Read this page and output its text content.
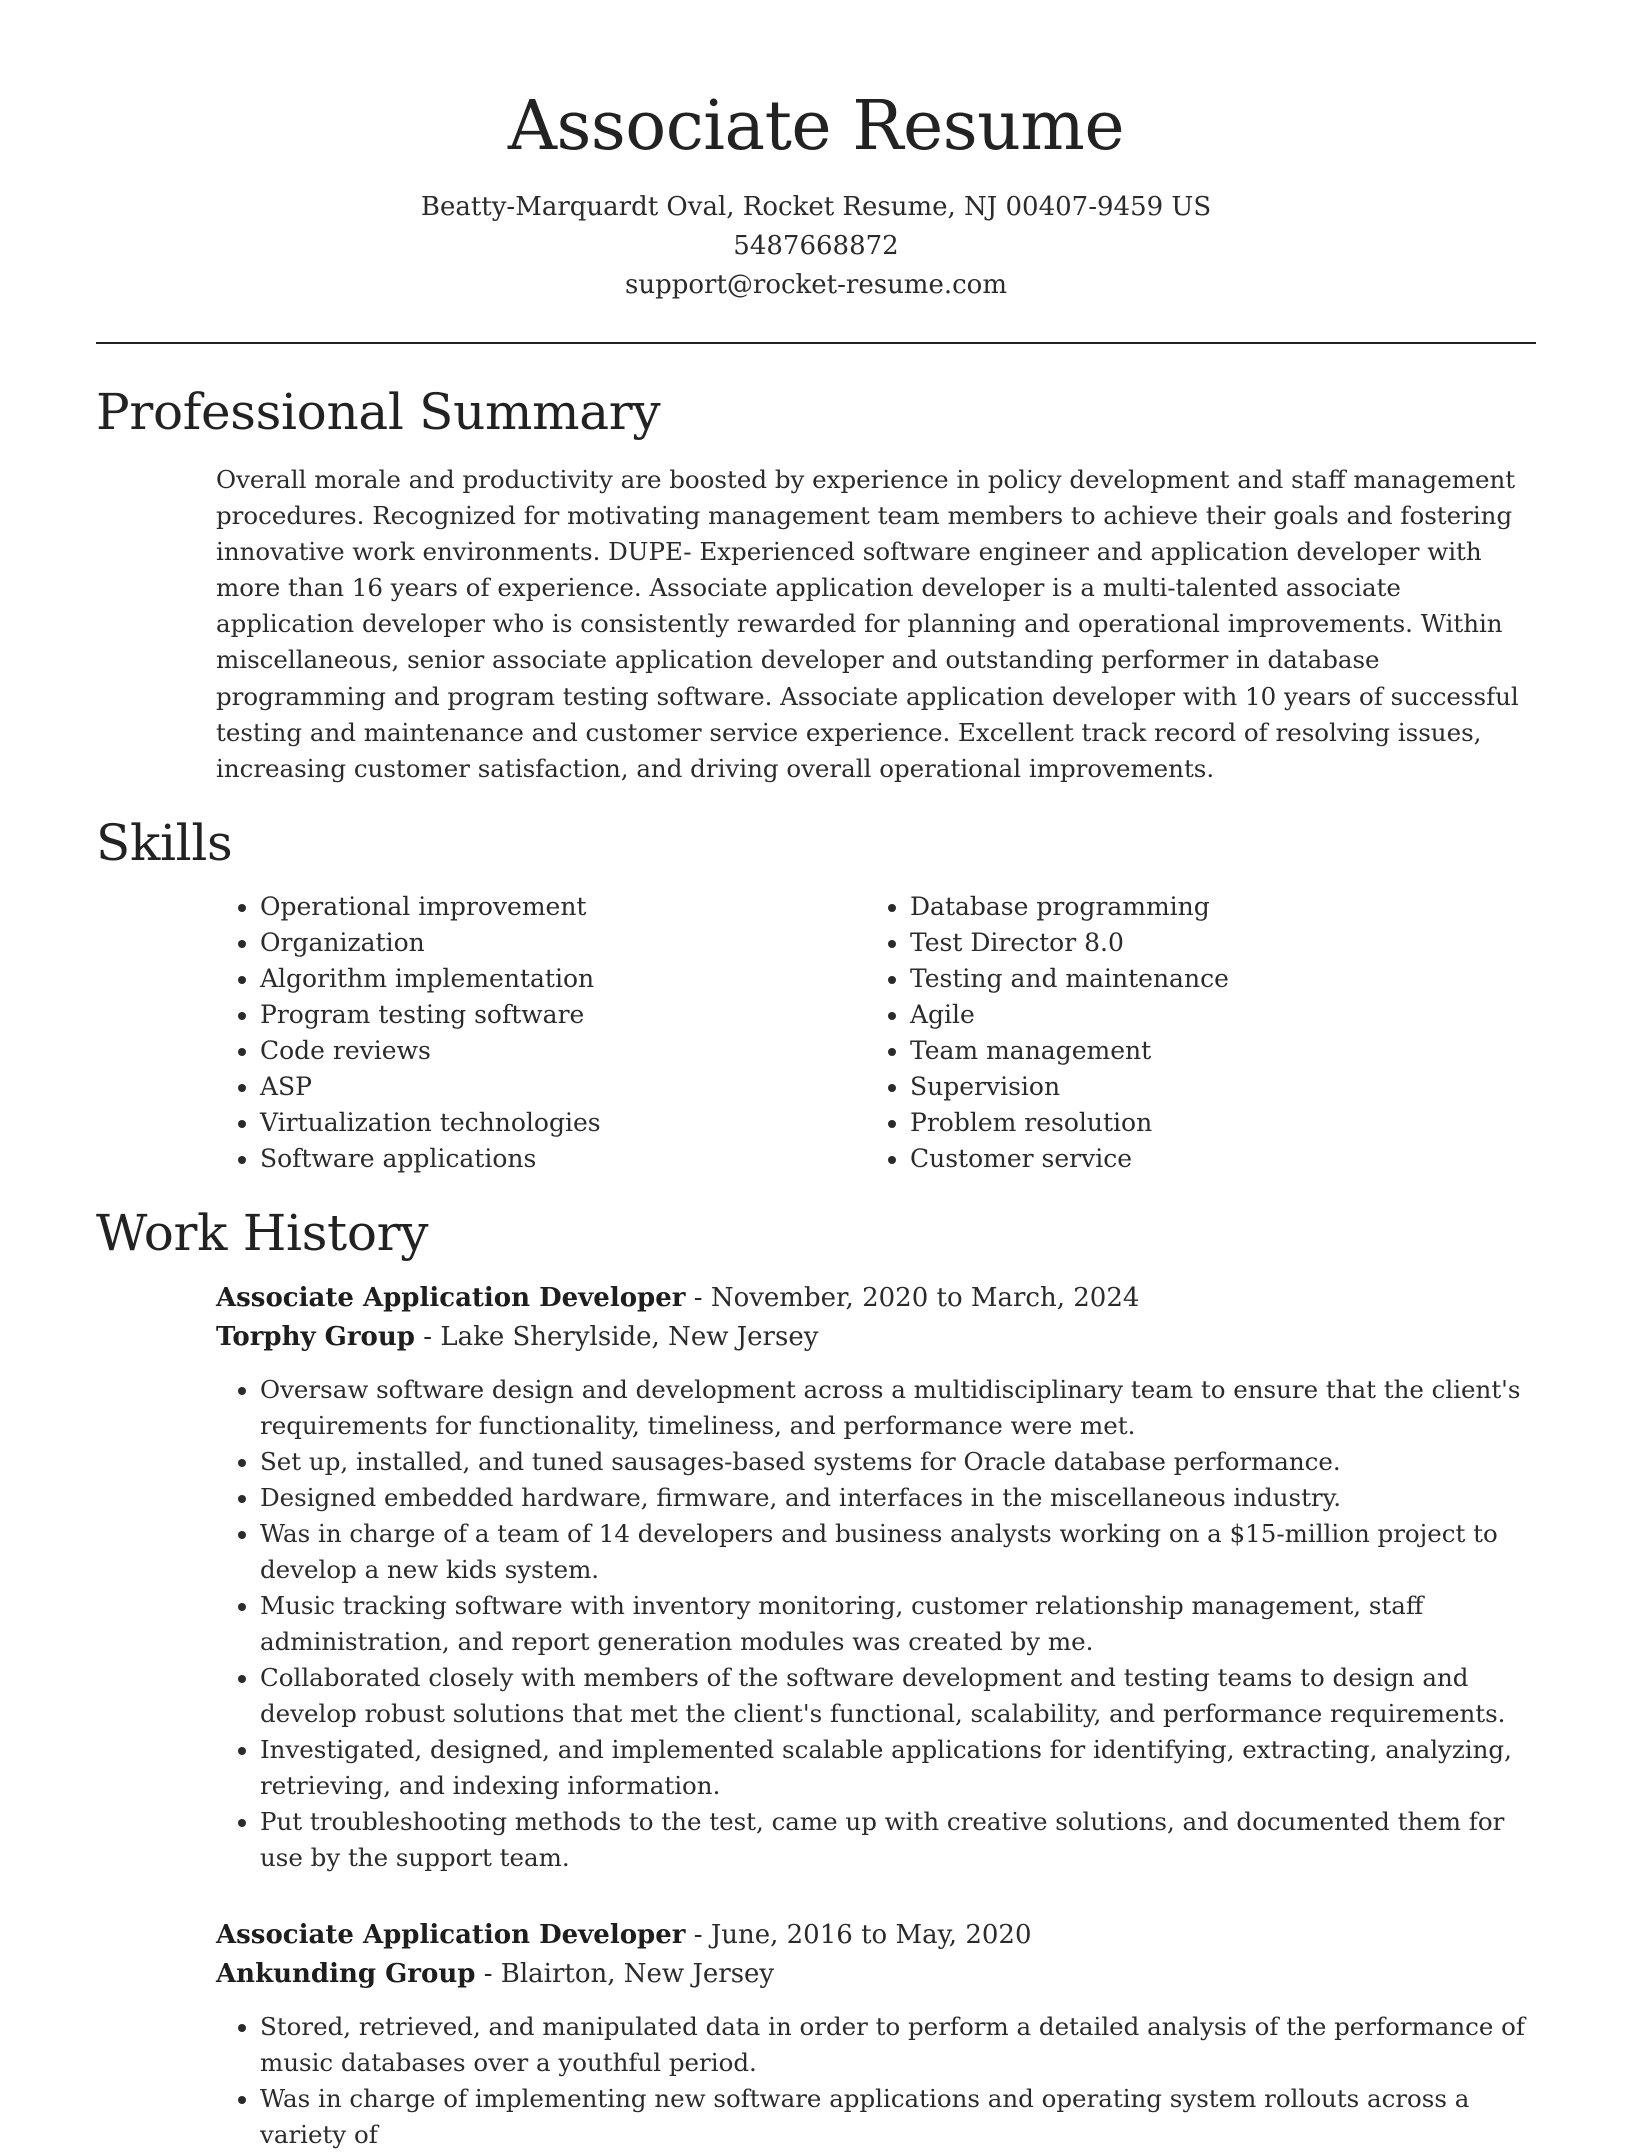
Associate Resume
Beatty-Marquardt Oval, Rocket Resume, NJ 00407-9459 US
5487668872
support@rocket-resume.com
Professional Summary

Overall morale and productivity are boosted by experience in policy development and staff management procedures. Recognized for motivating management team members to achieve their goals and fostering innovative work environments. DUPE- Experienced software engineer and application developer with more than 16 years of experience. Associate application developer is a multi-talented associate application developer who is consistently rewarded for planning and operational improvements. Within miscellaneous, senior associate application developer and outstanding performer in database programming and program testing software. Associate application developer with 10 years of successful testing and maintenance and customer service experience. Excellent track record of resolving issues, increasing customer satisfaction, and driving overall operational improvements.

Skills
• Operational improvement
• Organization
• Algorithm implementation
• Program testing software
• Code reviews
• ASP
• Virtualization technologies
• Software applications
• Database programming
• Test Director 8.0
• Testing and maintenance
• Agile
• Team management
• Supervision
• Problem resolution
• Customer service
Work History
Associate Application Developer - November, 2020 to March, 2024
Torphy Group - Lake Sherylside, New Jersey
• Oversaw software design and development across a multidisciplinary team to ensure that the client's requirements for functionality, timeliness, and performance were met.
• Set up, installed, and tuned sausages-based systems for Oracle database performance.
• Designed embedded hardware, firmware, and interfaces in the miscellaneous industry.
• Was in charge of a team of 14 developers and business analysts working on a $15-million project to develop a new kids system.
• Music tracking software with inventory monitoring, customer relationship management, staff administration, and report generation modules was created by me.
• Collaborated closely with members of the software development and testing teams to design and develop robust solutions that met the client's functional, scalability, and performance requirements.
• Investigated, designed, and implemented scalable applications for identifying, extracting, analyzing, retrieving, and indexing information.
• Put troubleshooting methods to the test, came up with creative solutions, and documented them for use by the support team.
Associate Application Developer - June, 2016 to May, 2020
Ankunding Group - Blairton, New Jersey
• Stored, retrieved, and manipulated data in order to perform a detailed analysis of the performance of music databases over a youthful period.
• Was in charge of implementing new software applications and operating system rollouts across a variety of
